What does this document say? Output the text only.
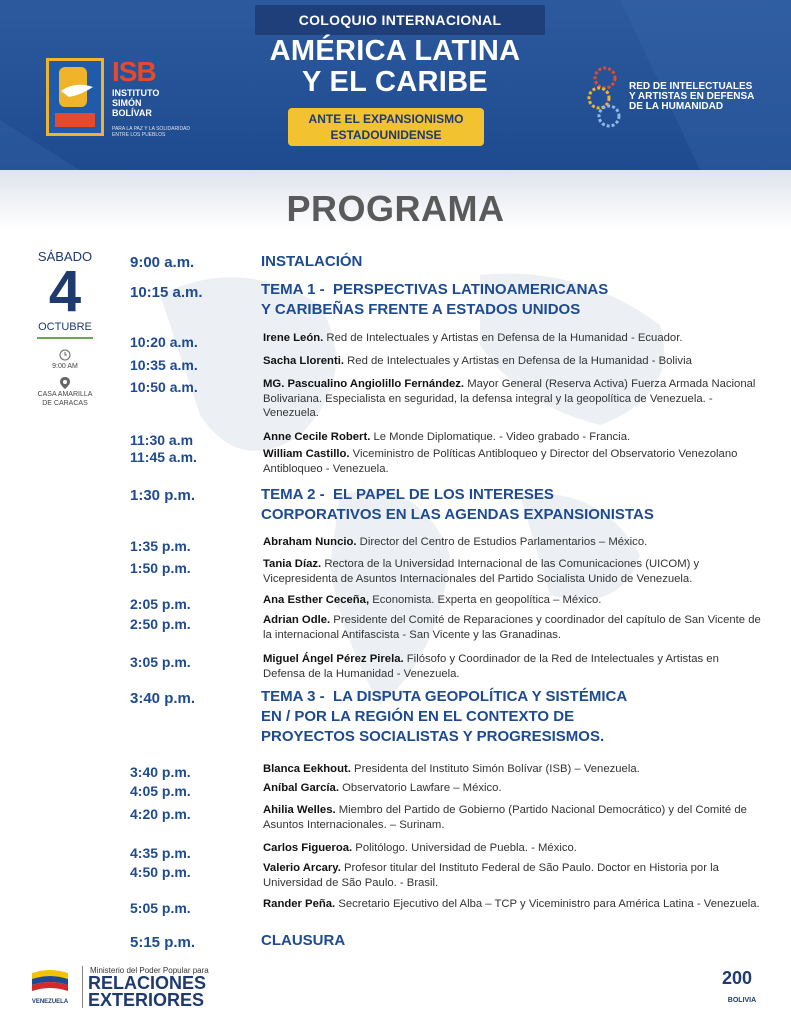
COLOQUIO INTERNACIONAL
AMÉRICA LATINA
Y EL CARIBE
ANTE EL EXPANSIONISMO
ESTADOUNIDENSE
ISB
INSTITUTO
SIMÓN
BOLÍVAR
PARA LA PAZ Y LA SOLIDARIDAD ENTRE LOS PUEBLOS
RED DE INTELECTUALES
Y ARTISTAS EN DEFENSA
DE LA HUMANIDAD
PROGRAMA
SÁBADO
4
OCTUBRE
9:00 AM
CASA AMARILLA
DE CARACAS
9:00 a.m.	INSTALACIÓN
10:15 a.m.	TEMA 1 - PERSPECTIVAS LATINOAMERICANAS
Y CARIBEÑAS FRENTE A ESTADOS UNIDOS
10:20 a.m.	Irene León. Red de Intelectuales y Artistas en Defensa de la Humanidad - Ecuador.
10:35 a.m.	Sacha Llorenti. Red de Intelectuales y Artistas en Defensa de la Humanidad - Bolivia
10:50 a.m.	MG. Pascualino Angiolillo Fernández. Mayor General (Reserva Activa) Fuerza Armada Nacional Bolivariana. Especialista en seguridad, la defensa integral y la geopolítica de Venezuela. - Venezuela.
11:30 a.m	Anne Cecile Robert. Le Monde Diplomatique. - Video grabado - Francia.
11:45 a.m.	William Castillo. Viceministro de Políticas Antibloqueo y Director del Observatorio Venezolano Antibloqueo - Venezuela.
1:30 p.m.	TEMA 2 - EL PAPEL DE LOS INTERESES
CORPORATIVOS EN LAS AGENDAS EXPANSIONISTAS
1:35 p.m.	Abraham Nuncio. Director del Centro de Estudios Parlamentarios – México.
1:50 p.m.	Tania Díaz. Rectora de la Universidad Internacional de las Comunicaciones (UICOM) y Vicepresidenta de Asuntos Internacionales del Partido Socialista Unido de Venezuela.
2:05 p.m.	Ana Esther Ceceña, Economista. Experta en geopolítica – México.
2:50 p.m.	Adrian Odle. Presidente del Comité de Reparaciones y coordinador del capítulo de San Vicente de la internacional Antifascista - San Vicente y las Granadinas.
3:05 p.m.	Miguel Ángel Pérez Pirela. Filósofo y Coordinador de la Red de Intelectuales y Artistas en Defensa de la Humanidad - Venezuela.
3:40 p.m.	TEMA 3 - LA DISPUTA GEOPOLÍTICA Y SISTÉMICA
EN / POR LA REGIÓN EN EL CONTEXTO DE
PROYECTOS SOCIALISTAS Y PROGRESISMOS.
3:40 p.m.	Blanca Eekhout. Presidenta del Instituto Simón Bolívar (ISB) – Venezuela.
4:05 p.m.	Aníbal García. Observatorio Lawfare – México.
4:20 p.m.	Ahilia Welles. Miembro del Partido de Gobierno (Partido Nacional Democrático) y del Comité de Asuntos Internacionales. – Surinam.
4:35 p.m.	Carlos Figueroa. Politólogo. Universidad de Puebla. - México.
4:50 p.m.	Valerio Arcary. Profesor titular del Instituto Federal de São Paulo. Doctor en Historia por la Universidad de São Paulo. - Brasil.
5:05 p.m.	Rander Peña. Secretario Ejecutivo del Alba – TCP y Viceministro para América Latina - Venezuela.
5:15 p.m.	CLAUSURA
VENEZUELA
Ministerio del Poder Popular para
RELACIONES
EXTERIORES
200
BOLIVIA
